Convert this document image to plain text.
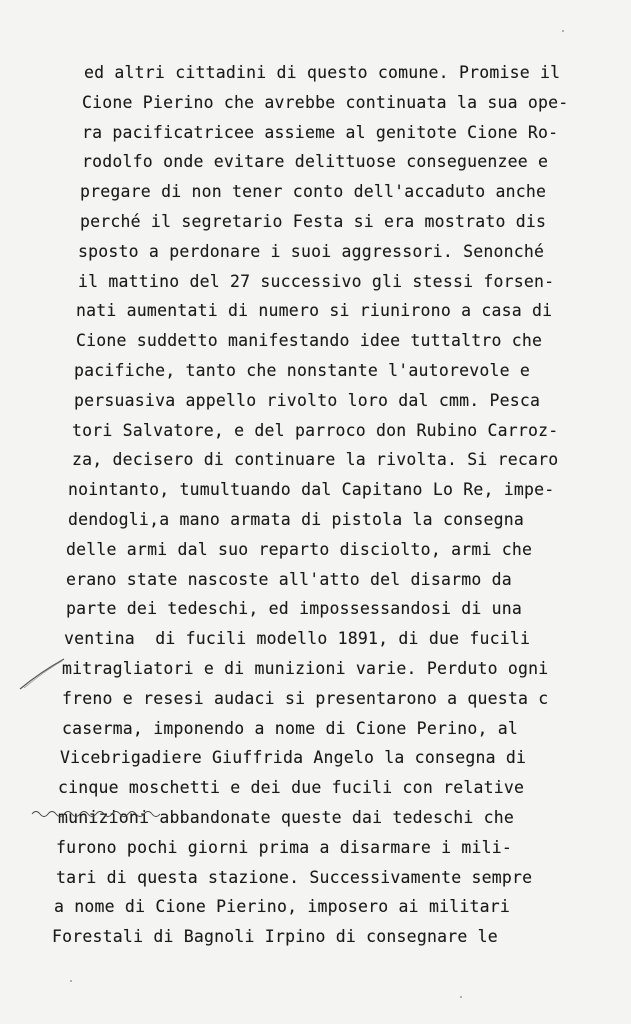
ed altri cittadini di questo comune. Promise il
Cione Pierino che avrebbe continuata la sua ope-
ra pacificatricee assieme al genitote Cione Ro-
rodolfo onde evitare delittuose conseguenzee e
pregare di non tener conto dell'accaduto anche
perché il segretario Festa si era mostrato dis
sposto a perdonare i suoi aggressori. Senonché
il mattino del 27 successivo gli stessi forsen-
nati aumentati di numero si riunirono a casa di
Cione suddetto manifestando idee tuttaltro che
pacifiche, tanto che nonstante l'autorevole e
persuasiva appello rivolto loro dal cmm. Pesca
tori Salvatore, e del parroco don Rubino Carroz-
za, decisero di continuare la rivolta. Si recaro
nointanto, tumultuando dal Capitano Lo Re, impe-
dendogli,a mano armata di pistola la consegna
delle armi dal suo reparto disciolto, armi che
erano state nascoste all'atto del disarmo da
parte dei tedeschi, ed impossessandosi di una
ventina  di fucili modello 1891, di due fucili
mitragliatori e di munizioni varie. Perduto ogni
freno e resesi audaci si presentarono a questa c
caserma, imponendo a nome di Cione Perino, al
Vicebrigadiere Giuffrida Angelo la consegna di
cinque moschetti e dei due fucili con relative
munizioni abbandonate queste dai tedeschi che
furono pochi giorni prima a disarmare i mili-
tari di questa stazione. Successivamente sempre
a nome di Cione Pierino, imposero ai militari
Forestali di Bagnoli Irpino di consegnare le
